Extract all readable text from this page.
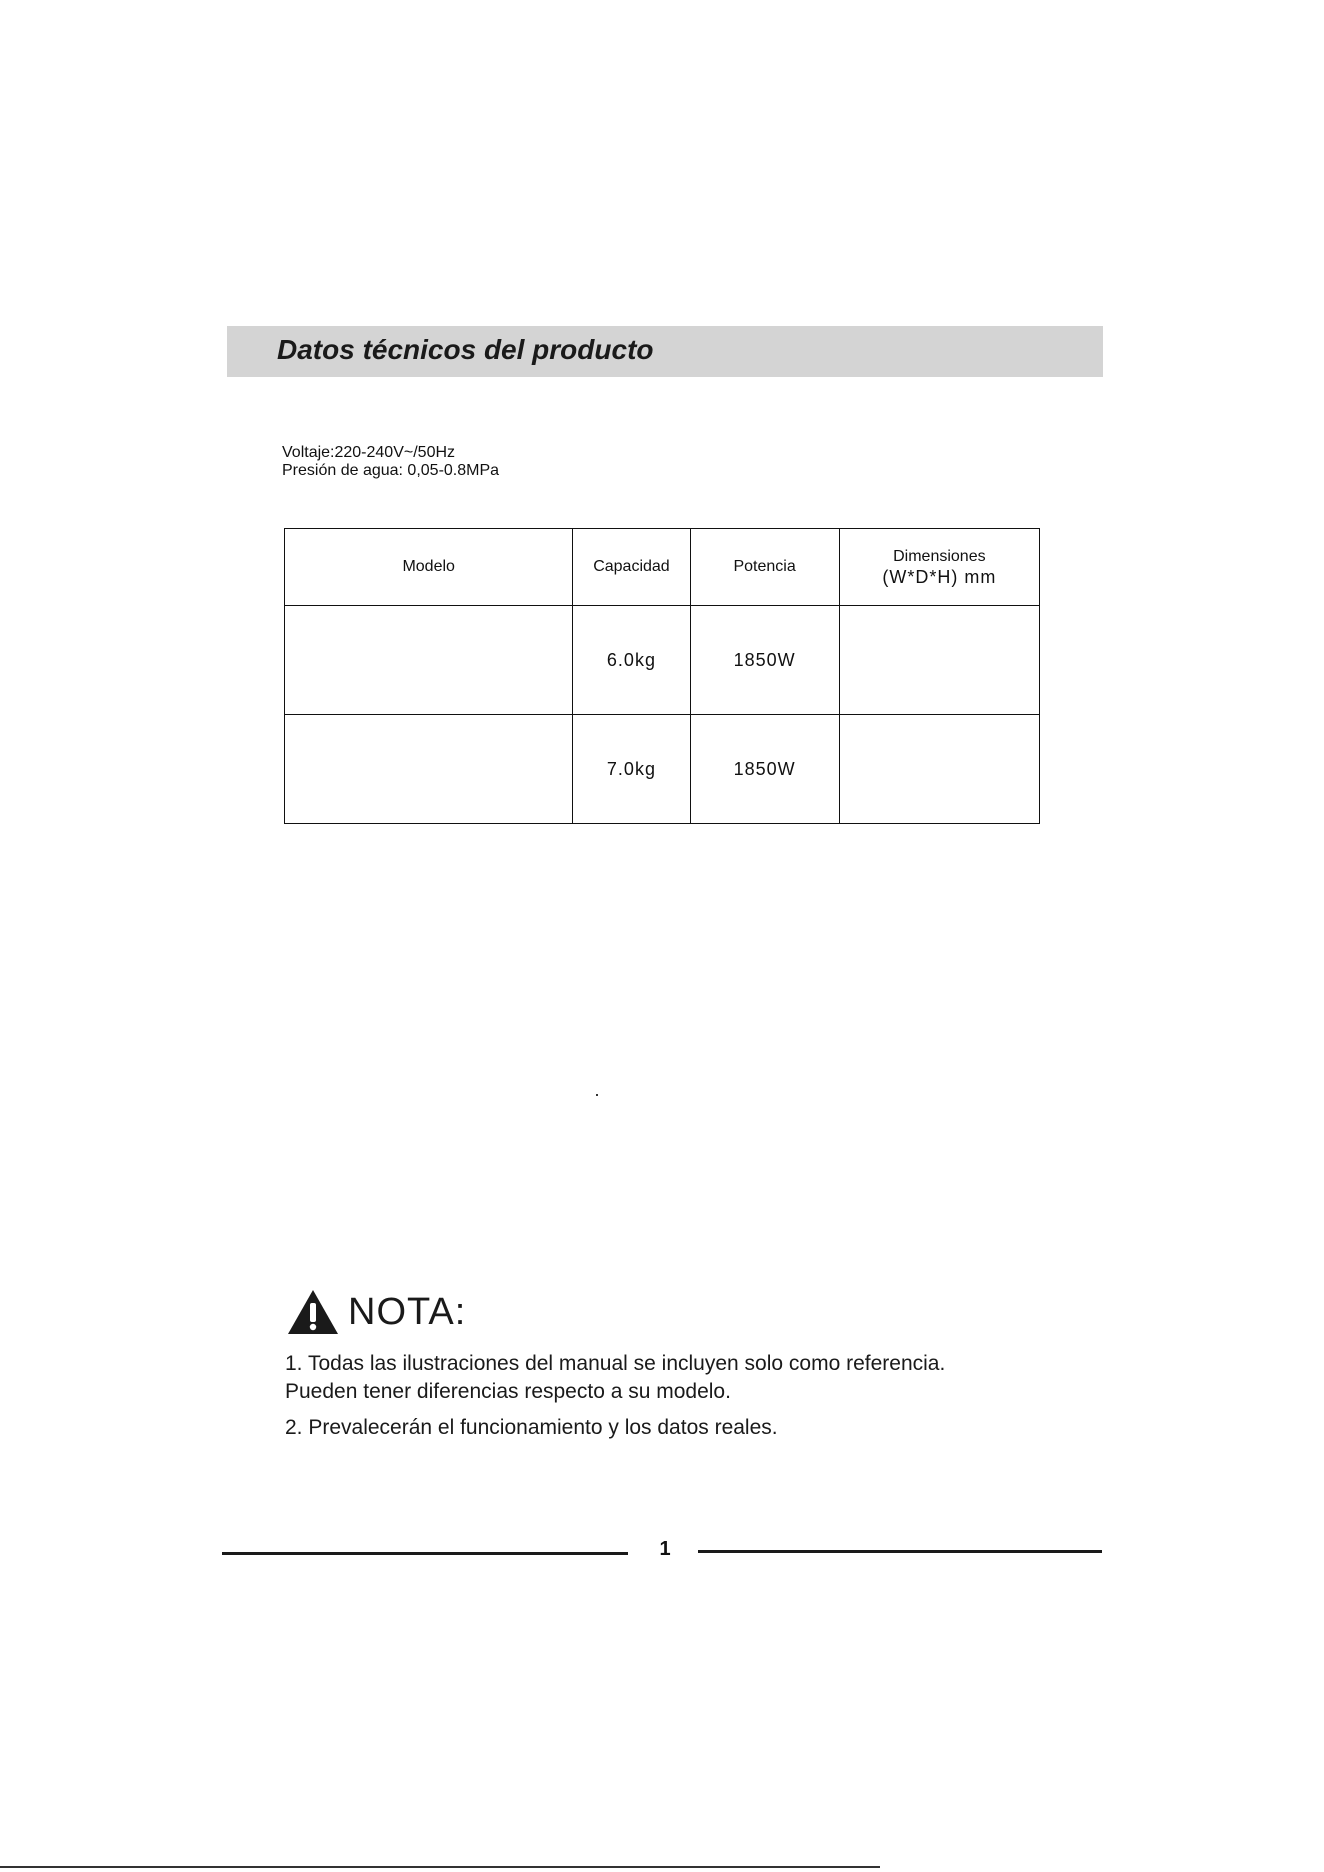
Datos técnicos del producto
Voltaje:220-240V~/50Hz
Presión de agua: 0,05-0.8MPa
Modelo	Capacidad	Potencia	Dimensiones
(W*D*H) mm

	6.0kg	1850W	
	7.0kg	1850W	
NOTA:
1. Todas las ilustraciones del manual se incluyen solo como referencia.
Pueden tener diferencias respecto a su modelo.
2. Prevalecerán el funcionamiento y los datos reales.
1
